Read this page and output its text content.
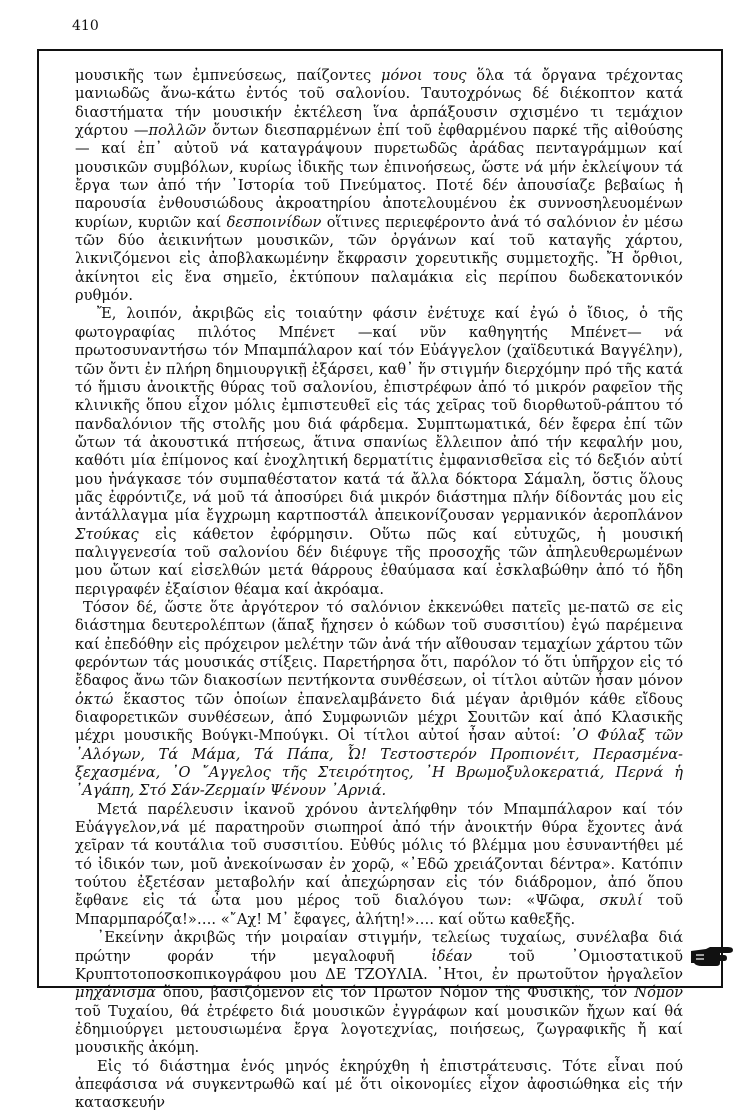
410

μουσικῆς των ἐμπνεύσεως, παίζοντες μόνοι τους ὅλα τά ὄργανα τρέχοντας μανιωδῶς ἄνω-κάτω ἐντός τοῦ σαλονίου. Ταυτοχρόνως δέ διέκοπτον κατά διαστήματα τήν μουσικήν ἐκτέλεση ἵνα ἁρπάξουσιν σχισμένο τι τεμάχιον χάρτου —πολλῶν ὄντων διεσπαρμένων ἐπί τοῦ ἐφθαρμένου παρκέ τῆς αἰθούσης— καί ἐπ᾽ αὐτοῦ νά καταγράψουν πυρετωδῶς ἀράδας πενταγράμμων καί μουσικῶν συμβόλων, κυρίως ἰδικῆς των ἐπινοήσεως, ὥστε νά μήν ἐκλείψουν τά ἔργα των ἀπό τήν ᾽Ιστορία τοῦ Πνεύματος. Ποτέ δέν ἀπουσίαζε βεβαίως ἡ παρουσία ἐνθουσιώδους ἀκροατηρίου ἀποτελουμένου ἐκ συννοσηλευομένων κυρίων, κυριῶν καί δεσποινίδων οἵτινες περιεφέροντο ἀνά τό σαλόνιον ἐν μέσω τῶν δύο ἀεικινήτων μουσικῶν, τῶν ὀργάνων καί τοῦ καταγῆς χάρτου, λικνιζόμενοι εἰς ἀποβλακωμένην ἔκφρασιν χορευτικῆς συμμετοχῆς. Ἤ ὄρθιοι, ἀκίνητοι εἰς ἕνα σημεῖο, ἐκτύπουν παλαμάκια εἰς περίπου δωδεκατονικόν ρυθμόν.

Ἔ, λοιπόν, ἀκριβῶς εἰς τοιαύτην φάσιν ἐνέτυχε καί ἐγώ ὁ ἴδιος, ὁ τῆς φωτογραφίας πιλότος Μπένετ —καί νῦν καθηγητής Μπένετ— νά πρωτοσυναντήσω τόν Μπαμπάλαρον καί τόν Εὐάγγελον (χαϊδευτικά Βαγγέλην), τῶν ὄντι ἐν πλήρη δημιουργικῇ ἐξάρσει, καθ᾽ ἥν στιγμήν διερχόμην πρό τῆς κατά τό ἥμισυ ἀνοικτῆς θύρας τοῦ σαλονίου, ἐπιστρέφων ἀπό τό μικρόν ραφεῖον τῆς κλινικῆς ὅπου εἶχον μόλις ἐμπιστευθεῖ εἰς τάς χεῖρας τοῦ διορθωτοῦ-ράπτου τό πανδαλόνιον τῆς στολῆς μου διά φάρδεμα. Συμπτωματικά, δέν ἔφερα ἐπί τῶν ὤτων τά ἀκουστικά πτήσεως, ἅτινα σπανίως ἔλλειπον ἀπό τήν κεφαλήν μου, καθότι μία ἐπίμονος καί ἐνοχλητική δερματίτις ἐμφανισθεῖσα εἰς τό δεξιόν αὐτί μου ἠνάγκασε τόν συμπαθέστατον κατά τά ἄλλα δόκτορα Σάμαλη, ὅστις ὅλους μᾶς ἐφρόντιζε, νά μοῦ τά ἀποσύρει διά μικρόν διάστημα πλήν δίδοντάς μου εἰς ἀντάλλαγμα μία ἔγχρωμη καρτποστάλ ἀπεικονίζουσαν γερμανικόν ἀεροπλάνον Στούκας εἰς κάθετον ἐφόρμησιν. Οὕτω πῶς καί εὐτυχῶς, ἡ μουσική παλιγγενεσία τοῦ σαλονίου δέν διέφυγε τῆς προσοχῆς τῶν ἀπηλευθερωμένων μου ὤτων καί εἰσελθών μετά θάρρους ἐθαύμασα καί ἐσκλαβώθην ἀπό τό ἤδη περιγραφέν ἐξαίσιον θέαμα καί ἀκρόαμα.

Τόσον δέ, ὥστε ὅτε ἀργότερον τό σαλόνιον ἐκκενώθει πατεῖς με-πατῶ σε εἰς διάστημα δευτερολέπτων (ἅπαξ ἤχησεν ὁ κώδων τοῦ συσσιτίου) ἐγώ παρέμεινα καί ἐπεδόθην εἰς πρόχειρον μελέτην τῶν ἀνά τήν αἴθουσαν τεμαχίων χάρτου τῶν φερόντων τάς μουσικάς στίξεις. Παρετήρησα ὅτι, παρόλον τό ὅτι ὑπῆρχον εἰς τό ἔδαφος ἄνω τῶν διακοσίων πεντήκοντα συνθέσεων, οἱ τίτλοι αὐτῶν ἦσαν μόνον ὀκτώ ἕκαστος τῶν ὁποίων ἐπανελαμβάνετο διά μέγαν ἀριθμόν κάθε εἴδους διαφορετικῶν συνθέσεων, ἀπό Συμφωνιῶν μέχρι Σουιτῶν καί ἀπό Κλασικῆς μέχρι μουσικῆς Βούγκι-Μπούγκι. Οἱ τίτλοι αὐτοί ἦσαν αὐτοί: ᾽Ο Φύλαξ τῶν ᾽Αλόγων, Τά Μάμα, Τά Πάπα, Ὦ! Τεστοστερόν Προπιονέιτ, Περασμένα-ξεχασμένα, ᾽Ο ῎Αγγελος τῆς Στειρότητος, ᾽Η Βρωμοξυλοκερατιά, Περνά ἡ ᾽Αγάπη, Στό Σάν-Ζερμαίν Ψένουν ᾽Αρνιά.

Μετά παρέλευσιν ἱκανοῦ χρόνου ἀντελήφθην τόν Μπαμπάλαρον καί τόν Εὐάγγελον,νά μέ παρατηροῦν σιωπηροί ἀπό τήν ἀνοικτήν θύρα ἔχοντες ἀνά χεῖραν τά κουτάλια τοῦ συσσιτίου. Εὐθύς μόλις τό βλέμμα μου ἐσυναντήθει μέ τό ἰδικόν των, μοῦ ἀνεκοίνωσαν ἐν χορῷ, «᾽Εδῶ χρειάζονται δέντρα». Κατόπιν τούτου ἐξετέσαν μεταβολήν καί ἀπεχώρησαν εἰς τόν διάδρομον, ἀπό ὅπου ἔφθανε εἰς τά ὦτα μου μέρος τοῦ διαλόγου των: «Ψῶφα, σκυλί τοῦ Μπαρμπαρόζα!»…. «῎Αχ! Μ᾽ ἔφαγες, ἀλήτη!»…. καί οὕτω καθεξῆς.

᾽Εκείνην ἀκριβῶς τήν μοιραίαν στιγμήν, τελείως τυχαίως, συνέλαβα διά πρώτην φοράν τήν μεγαλοφυῆ ἰδέαν τοῦ ᾽Ομιοστατικοῦ Κρυπτοτοποσκοπικογράφου μου ΔΕ ΤΖΟΥΛΙΑ. ᾽Ητοι, ἐν πρωτοῦτον ἠργαλεῖον μηχάνισμα ὅπου, βασιζόμενον εἰς τόν Πρῶτον Νόμον τῆς Φυσικῆς, τόν Νόμον τοῦ Τυχαίου, θά ἐτρέφετο διά μουσικῶν ἐγγράφων καί μουσικῶν ἤχων καί θά ἐδημιούργει μετουσιωμένα ἔργα λογοτεχνίας, ποιήσεως, ζωγραφικῆς ἤ καί μουσικῆς ἀκόμη.

Εἰς τό διάστημα ἑνός μηνός ἐκηρύχθη ἡ ἐπιστράτευσις. Τότε εἶναι πού ἀπεφάσισα νά συγκεντρωθῶ καί μέ ὅτι οἰκονομίες εἶχον ἀφοσιώθηκα εἰς τήν κατασκευήν
